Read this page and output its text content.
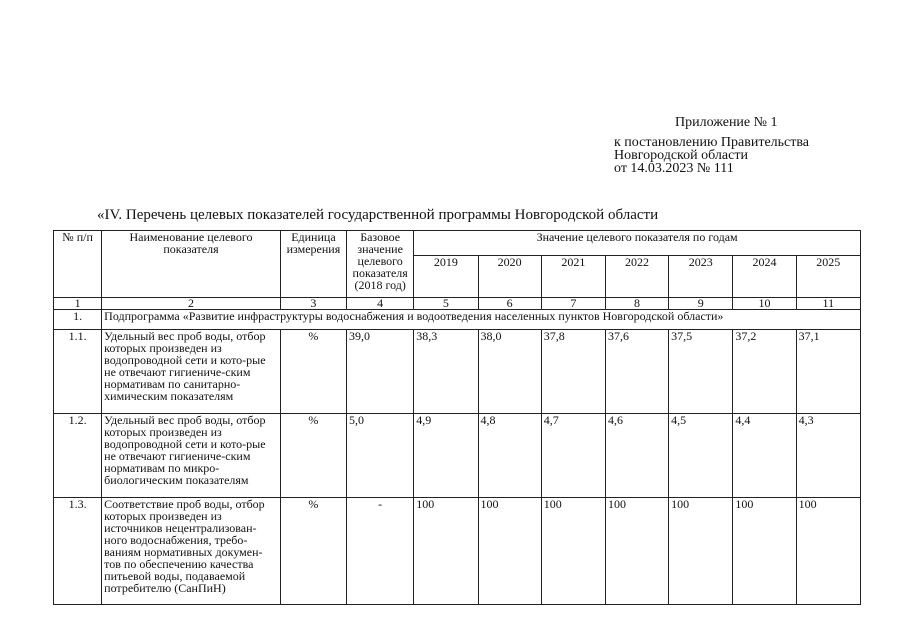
Приложение № 1
к постановлению Правительства
Новгородской области
от 14.03.2023 № 111
«IV. Перечень целевых показателей государственной программы Новгородской области
№ п/п	Наименование целевого показателя	Единица измерения	Базовое значение целевого показателя (2018 год)	Значение целевого показателя по годам						
				2019	2020	2021	2022	2023	2024	2025
1	2	3	4	5	6	7	8	9	10	11
1.	Подпрограмма «Развитие инфраструктуры водоснабжения и водоотведения населенных пунктов Новгородской области»									
1.1.	Удельный вес проб воды, отбор которых произведен из водопроводной сети и кото-рые не отвечают гигиениче-ским нормативам по санитарно-химическим показателям	%	39,0	38,3	38,0	37,8	37,6	37,5	37,2	37,1
1.2.	Удельный вес проб воды, отбор которых произведен из водопроводной сети и кото-рые не отвечают гигиениче-ским нормативам по микро-биологическим показателям	%	5,0	4,9	4,8	4,7	4,6	4,5	4,4	4,3
1.3.	Соответствие проб воды, отбор которых произведен из источников нецентрализован-ного водоснабжения, требо-ваниям нормативных докумен-тов по обеспечению качества питьевой воды, подаваемой потребителю (СанПиН)	%	-	100	100	100	100	100	100	100
